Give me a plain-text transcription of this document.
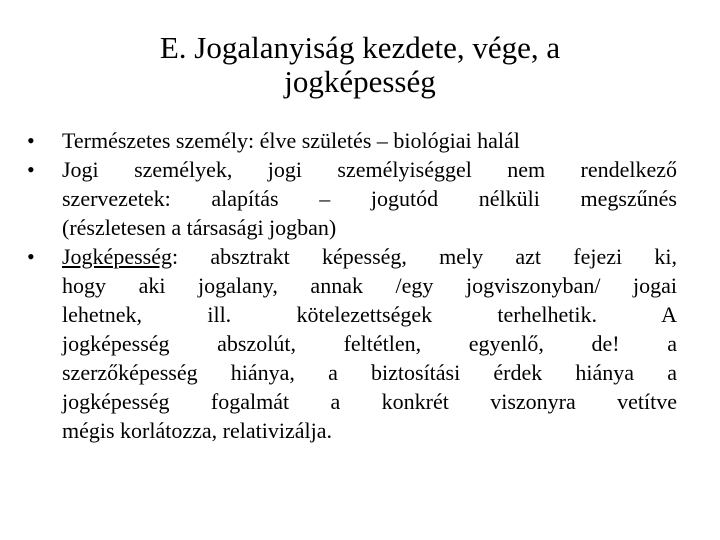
E. Jogalanyiság kezdete, vége, a
jogképesség
•	Természetes személy: élve születés – biológiai halál
•	Jogi személyek, jogi személyiséggel nem rendelkező
szervezetek: alapítás – jogutód nélküli megszűnés
(részletesen a társasági jogban)
•	Jogképesség: absztrakt képesség, mely azt fejezi ki,
hogy aki jogalany, annak /egy jogviszonyban/ jogai
lehetnek, ill. kötelezettségek terhelhetik. A
jogképesség abszolút, feltétlen, egyenlő, de! a
szerzőképesség hiánya, a biztosítási érdek hiánya a
jogképesség fogalmát a konkrét viszonyra vetítve
mégis korlátozza, relativizálja.
